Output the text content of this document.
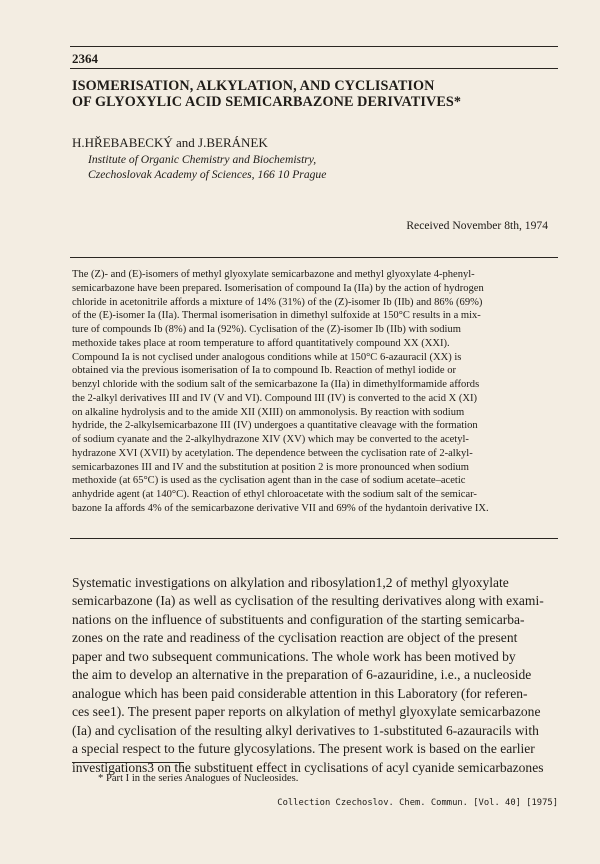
2364
ISOMERISATION, ALKYLATION, AND CYCLISATION
OF GLYOXYLIC ACID SEMICARBAZONE DERIVATIVES*
H.HŘEBABECKÝ and J.BERÁNEK
Institute of Organic Chemistry and Biochemistry,
Czechoslovak Academy of Sciences, 166 10 Prague
Received November 8th, 1974
The (Z)- and (E)-isomers of methyl glyoxylate semicarbazone and methyl glyoxylate 4-phenyl-
semicarbazone have been prepared. Isomerisation of compound Ia (IIa) by the action of hydrogen
chloride in acetonitrile affords a mixture of 14% (31%) of the (Z)-isomer Ib (IIb) and 86% (69%)
of the (E)-isomer Ia (IIa). Thermal isomerisation in dimethyl sulfoxide at 150°C results in a mix-
ture of compounds Ib (8%) and Ia (92%). Cyclisation of the (Z)-isomer Ib (IIb) with sodium
methoxide takes place at room temperature to afford quantitatively compound XX (XXI).
Compound Ia is not cyclised under analogous conditions while at 150°C 6-azauracil (XX) is
obtained via the previous isomerisation of Ia to compound Ib. Reaction of methyl iodide or
benzyl chloride with the sodium salt of the semicarbazone Ia (IIa) in dimethylformamide affords
the 2-alkyl derivatives III and IV (V and VI). Compound III (IV) is converted to the acid X (XI)
on alkaline hydrolysis and to the amide XII (XIII) on ammonolysis. By reaction with sodium
hydride, the 2-alkylsemicarbazone III (IV) undergoes a quantitative cleavage with the formation
of sodium cyanate and the 2-alkylhydrazone XIV (XV) which may be converted to the acetyl-
hydrazone XVI (XVII) by acetylation. The dependence between the cyclisation rate of 2-alkyl-
semicarbazones III and IV and the substitution at position 2 is more pronounced when sodium
methoxide (at 65°C) is used as the cyclisation agent than in the case of sodium acetate–acetic
anhydride agent (at 140°C). Reaction of ethyl chloroacetate with the sodium salt of the semicar-
bazone Ia affords 4% of the semicarbazone derivative VII and 69% of the hydantoin derivative IX.
Systematic investigations on alkylation and ribosylation1,2 of methyl glyoxylate
semicarbazone (Ia) as well as cyclisation of the resulting derivatives along with exami-
nations on the influence of substituents and configuration of the starting semicarba-
zones on the rate and readiness of the cyclisation reaction are object of the present
paper and two subsequent communications. The whole work has been motived by
the aim to develop an alternative in the preparation of 6-azauridine, i.e., a nucleoside
analogue which has been paid considerable attention in this Laboratory (for referen-
ces see1). The present paper reports on alkylation of methyl glyoxylate semicarbazone
(Ia) and cyclisation of the resulting alkyl derivatives to 1-substituted 6-azauracils with
a special respect to the future glycosylations. The present work is based on the earlier
investigations3 on the substituent effect in cyclisations of acyl cyanide semicarbazones
* Part I in the series Analogues of Nucleosides.
Collection Czechoslov. Chem. Commun. [Vol. 40] [1975]
